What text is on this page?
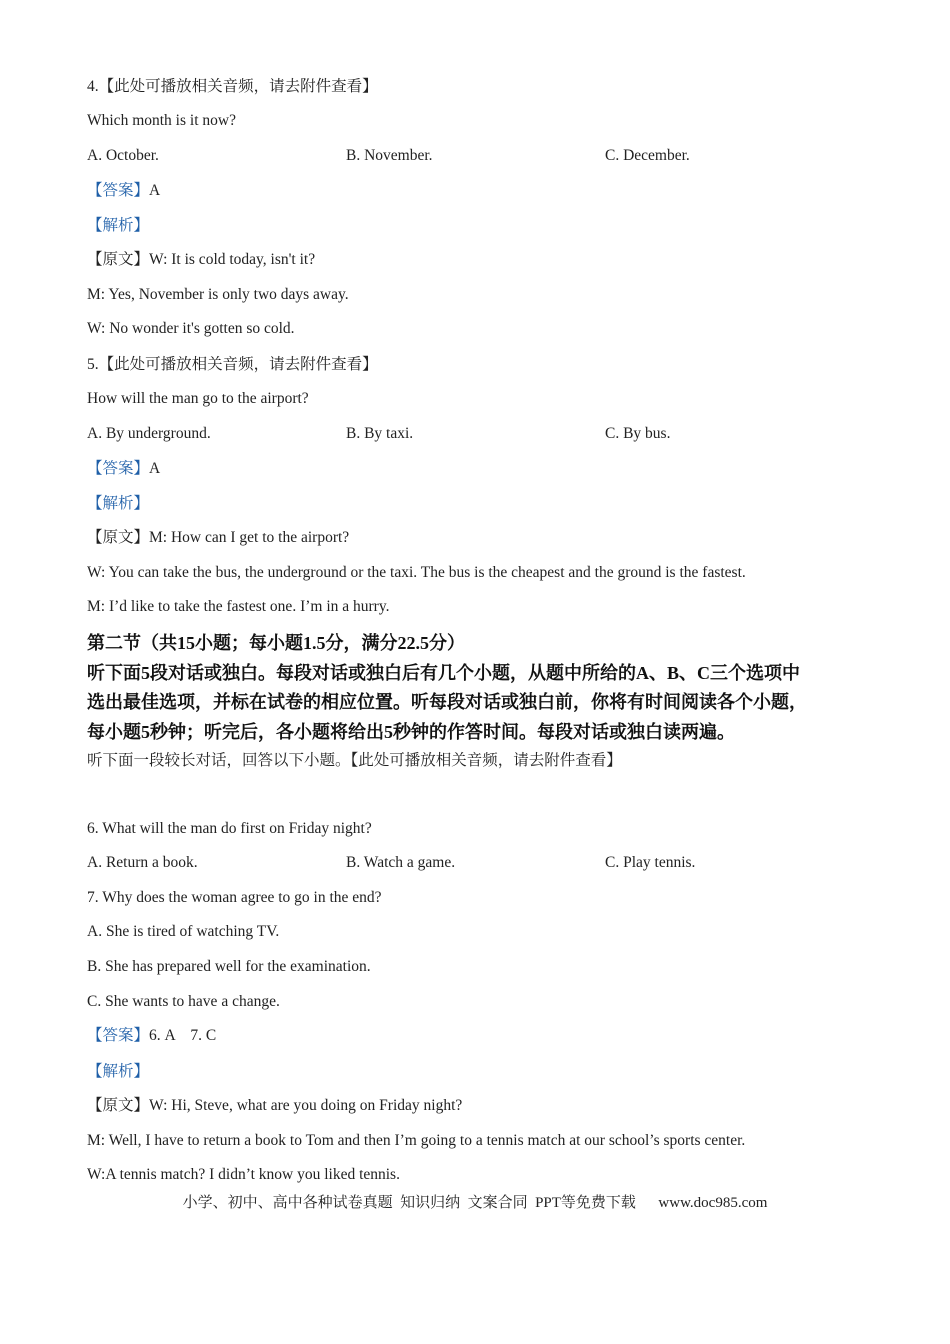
4.【此处可播放相关音频，请去附件查看】
Which month is it now?
A. October.	B. November.	C. December.
【答案】A
【解析】
【原文】W: It is cold today, isn't it?
M: Yes, November is only two days away.
W: No wonder it's gotten so cold.
5.【此处可播放相关音频，请去附件查看】
How will the man go to the airport?
A. By underground.	B. By taxi.	C. By bus.
【答案】A
【解析】
【原文】M: How can I get to the airport?
W: You can take the bus, the underground or the taxi. The bus is the cheapest and the ground is the fastest.
M: I’d like to take the fastest one. I’m in a hurry.
第二节（共15小题；每小题1.5分，满分22.5分）
听下面5段对话或独白。每段对话或独白后有几个小题，从题中所给的A、B、C三个选项中
选出最佳选项，并标在试卷的相应位置。听每段对话或独白前，你将有时间阅读各个小题，
每小题5秒钟；听完后，各小题将给出5秒钟的作答时间。每段对话或独白读两遍。
听下面一段较长对话，回答以下小题。【此处可播放相关音频，请去附件查看】
6. What will the man do first on Friday night?
A. Return a book.	B. Watch a game.	C. Play tennis.
7. Why does the woman agree to go in the end?
A. She is tired of watching TV.
B. She has prepared well for the examination.
C. She wants to have a change.
【答案】6. A    7. C
【解析】
【原文】W: Hi, Steve, what are you doing on Friday night?
M: Well, I have to return a book to Tom and then I’m going to a tennis match at our school’s sports center.
W:A tennis match? I didn’t know you liked tennis.
小学、初中、高中各种试卷真题  知识归纳  文案合同  PPT等免费下载      www.doc985.com
